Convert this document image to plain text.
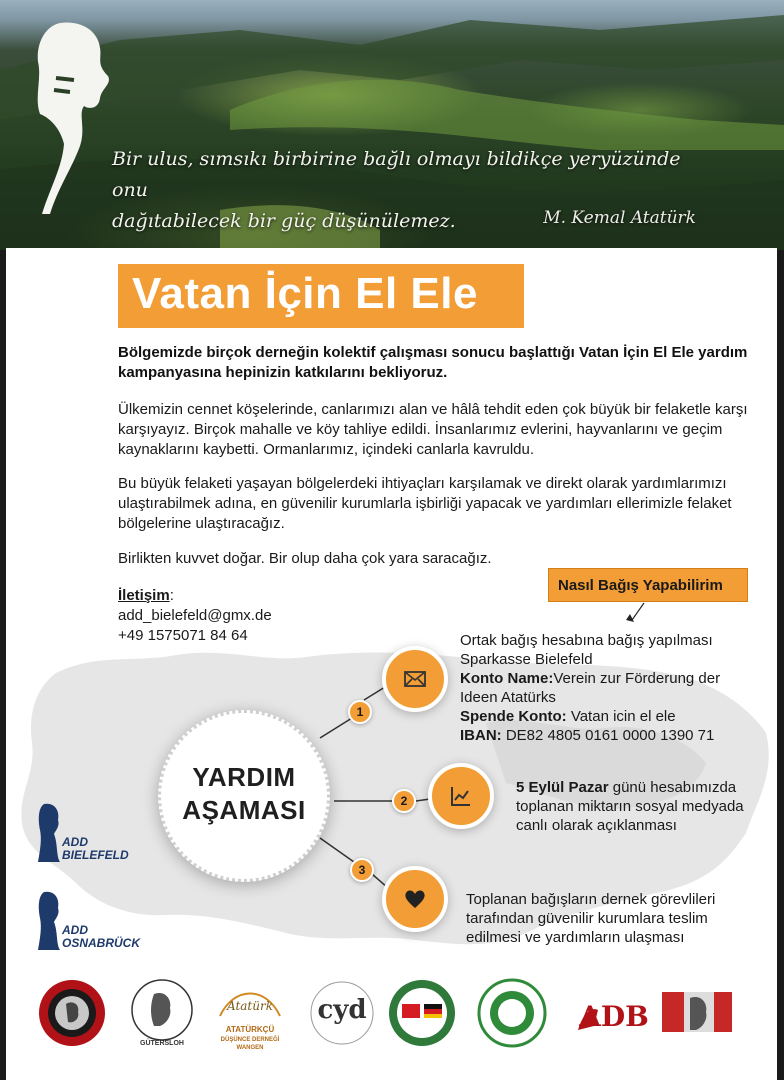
Bir ulus, sımsıkı birbirine bağlı olmayı bildikçe yeryüzünde onu
dağıtabilecek bir güç düşünülemez.	M. Kemal Atatürk
Vatan İçin El Ele
Bölgemizde birçok derneğin kolektif çalışması sonucu başlattığı Vatan İçin El Ele yardım kampanyasına hepinizin katkılarını bekliyoruz.
Ülkemizin cennet köşelerinde, canlarımızı alan ve hâlâ tehdit eden çok büyük bir felaketle karşı karşıyayız. Birçok mahalle ve köy tahliye edildi. İnsanlarımız evlerini, hayvanlarını ve geçim kaynaklarını kaybetti. Ormanlarımız, içindeki canlarla kavruldu.
Bu büyük felaketi yaşayan bölgelerdeki ihtiyaçları karşılamak ve direkt olarak yardımlarımızı ulaştırabilmek adına, en güvenilir kurumlarla işbirliği yapacak ve yardımları ellerimizle felaket bölgelerine ulaştıracağız.
Birlikten kuvvet doğar. Bir olup daha çok yara saracağız.
İletişim:
add_bielefeld@gmx.de
+49 1575071 84 64
Nasıl Bağış Yapabilirim
YARDIM
AŞAMASI
1
2
3
Ortak bağış hesabına bağış yapılması
Sparkasse Bielefeld
Konto Name:Verein zur Förderung der Ideen Atatürks
Spende Konto: Vatan icin el ele
IBAN: DE82 4805 0161 0000 1390 71
5 Eylül Pazar günü hesabımızda toplanan miktarın sosyal medyada canlı olarak açıklanması
Toplanan bağışların dernek görevlileri tarafından güvenilir kurumlara teslim edilmesi ve yardımların ulaşması
ADD
BIELEFELD
ADD
OSNABRÜCK
GÜTERSLOH
Atatürk
ATATÜRKÇÜ
DÜŞÜNCE DERNEĞİ WANGEN
cyd	ADB
